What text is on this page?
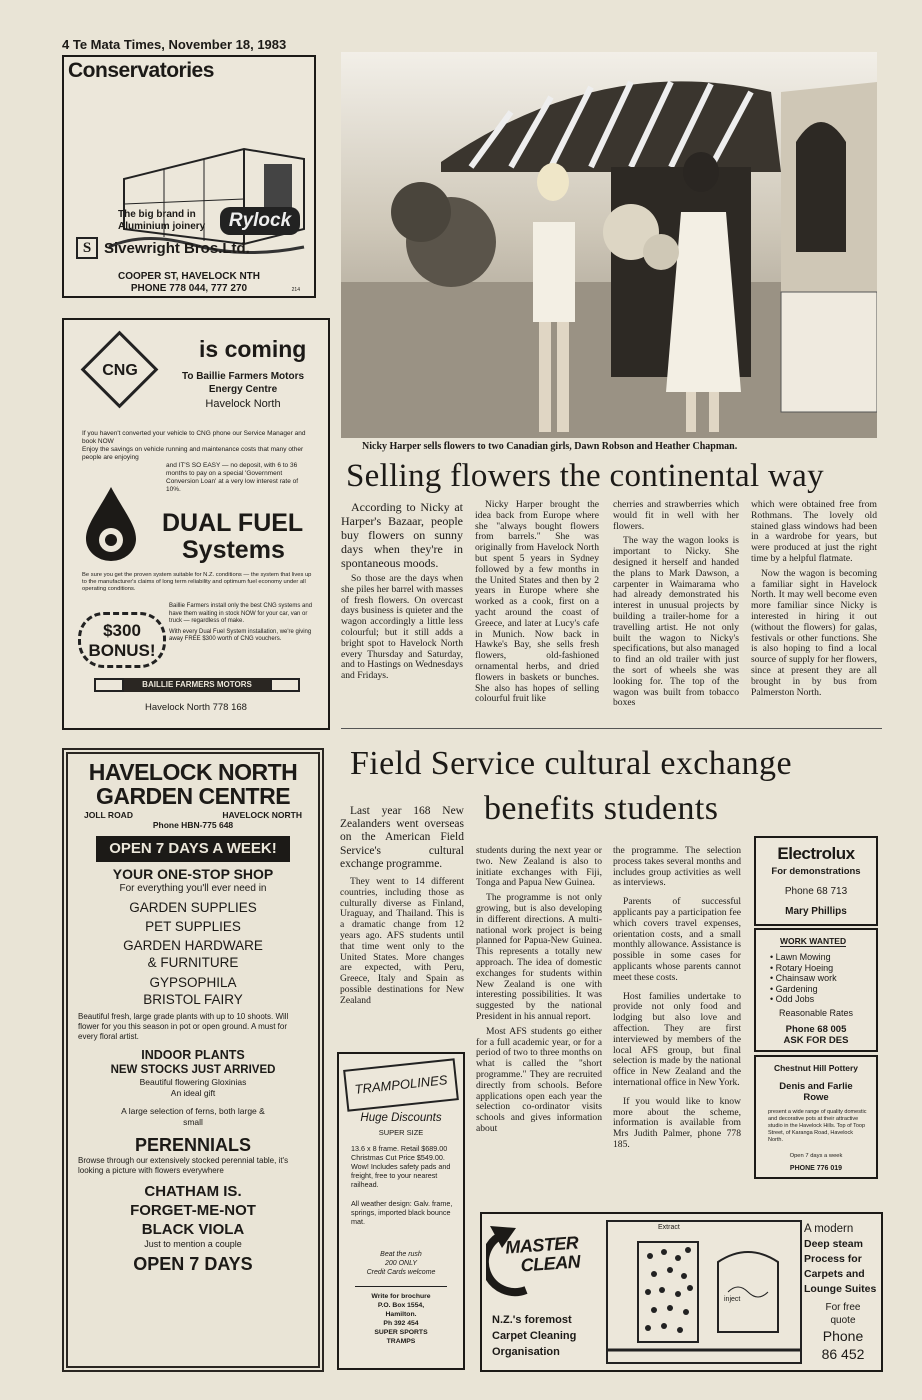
4 Te Mata Times, November 18, 1983
Conservatories
The big brand in
Aluminium joinery	Rylock
S Sivewright Bros.Ltd.
COOPER ST, HAVELOCK NTH
PHONE 778 044, 777 270	214
CNG
is coming
To Baillie Farmers Motors
Energy Centre
Havelock North
If you haven't converted your vehicle to CNG phone our Service Manager and book NOW
Enjoy the savings on vehicle running and maintenance costs that many other people are enjoying
and IT'S SO EASY — no deposit, with 6 to 36 months to pay on a special 'Government Conversion Loan' at a very low interest rate of 10%.
DUAL FUEL
Systems
Be sure you get the proven system suitable for N.Z. conditions — the system that lives up to the manufacturer's claims of long term reliability and optimum fuel economy under all operating conditions.
Baillie Farmers install only the best CNG systems and have them waiting in stock NOW for your car, van or truck — regardless of make.
With every Dual Fuel System installation, we're giving away FREE $300 worth of CNG vouchers.
$300
BONUS!
BAILLIE FARMERS MOTORS
Havelock North 778 168
Nicky Harper sells flowers to two Canadian girls, Dawn Robson and Heather Chapman.
Selling flowers the continental way

According to Nicky at Harper's Bazaar, people buy flowers on sunny days when they're in spontaneous moods.

So those are the days when she piles her barrel with masses of fresh flowers. On overcast days business is quieter and the wagon accordingly a little less colourful; but it still adds a bright spot to Havelock North every Thursday and Saturday, and to Hastings on Wednesdays and Fridays.

Nicky Harper brought the idea back from Europe where she "always bought flowers from barrels." She was originally from Havelock North but spent 5 years in Sydney followed by a few months in the United States and then by 2 years in Europe where she worked as a cook, first on a yacht around the coast of Greece, and later at Lucy's cafe in Munich. Now back in Hawke's Bay, she sells fresh flowers, old-fashioned ornamental herbs, and dried flowers in baskets or bunches. She also has hopes of selling colourful fruit like

cherries and strawberries which would fit in well with her flowers.

The way the wagon looks is important to Nicky. She designed it herself and handed the plans to Mark Dawson, a carpenter in Waimarama who had already demonstrated his interest in unusual projects by building a trailer-home for a travelling artist. He not only built the wagon to Nicky's specifications, but also managed to find an old trailer with just the sort of wheels she was looking for. The top of the wagon was built from tobacco boxes

which were obtained free from Rothmans. The lovely old stained glass windows had been in a wardrobe for years, but were produced at just the right time by a helpful flatmate.

Now the wagon is becoming a familiar sight in Havelock North. It may well become even more familiar since Nicky is interested in hiring it out (without the flowers) for galas, festivals or other functions. She is also hoping to find a local source of supply for her flowers, since at present they are all brought in by bus from Palmerston North.

HAVELOCK NORTH
GARDEN CENTRE
JOLL ROAD	HAVELOCK NORTH
Phone HBN-775 648
OPEN 7 DAYS A WEEK!
YOUR ONE-STOP SHOP
For everything you'll ever need in
GARDEN SUPPLIES
PET SUPPLIES
GARDEN HARDWARE
& FURNITURE
GYPSOPHILA
BRISTOL FAIRY
Beautiful fresh, large grade plants with up to 10 shoots. Will flower for you this season in pot or open ground. A must for every floral artist.
INDOOR PLANTS
NEW STOCKS JUST ARRIVED
Beautiful flowering Gloxinias
An ideal gift
A large selection of ferns, both large & small
PERENNIALS
Browse through our extensively stocked perennial table, it's looking a picture with flowers everywhere
CHATHAM IS.
FORGET-ME-NOT
BLACK VIOLA
Just to mention a couple
OPEN 7 DAYS
Field Service cultural exchange
benefits students

Last year 168 New Zealanders went overseas on the American Field Service's cultural exchange programme.

They went to 14 different countries, including those as culturally diverse as Finland, Uraguay, and Thailand. This is a dramatic change from 12 years ago. AFS students until that time went only to the United States. More changes are expected, with Peru, Greece, Italy and Spain as possible destinations for New Zealand

students during the next year or two. New Zealand is also to initiate exchanges with Fiji, Tonga and Papua New Guinea.

The programme is not only growing, but is also developing in different directions. A multi-national work project is being planned for Papua-New Guinea. This represents a totally new approach. The idea of domestic exchanges for students within New Zealand is one with interesting possibilities. It was suggested by the national President in his annual report.

Most AFS students go either for a full academic year, or for a period of two to three months on what is called the "short programme." They are recruited directly from schools. Before applications open each year the selection co-ordinator visits schools and gives information about

the programme. The selection process takes several months and includes group activities as well as interviews.

Parents of successful applicants pay a participation fee which covers travel expenses, orientation costs, and a small monthly allowance. Assistance is possible in some cases for applicants whose parents cannot meet these costs.

Host families undertake to provide not only food and lodging but also love and affection. They are first interviewed by members of the local AFS group, but final selection is made by the national office in New Zealand and the international office in New York.

If you would like to know more about the scheme, information is available from Mrs Judith Palmer, phone 778 185.

TRAMPOLINES
Huge Discounts
SUPER SIZE
13.6 x 8 frame. Retail $689.00 Christmas Cut Price $549.00. Wow! Includes safety pads and freight, free to your nearest railhead.
All weather design: Galv. frame, springs, imported black bounce mat.
Beat the rush
200 ONLY
Credit Cards welcome
Write for brochure
P.O. Box 1554,
Hamilton.
Ph 392 454
SUPER SPORTS
TRAMPS
Electrolux
For demonstrations
Phone 68 713
Mary Phillips
WORK WANTED
• Lawn Mowing
• Rotary Hoeing
• Chainsaw work
• Gardening
• Odd Jobs
Reasonable Rates
Phone 68 005
ASK FOR DES
Chestnut Hill Pottery
Denis and Farlie
Rowe
present a wide range of quality domestic and decorative pots at their attractive studio in the Havelock Hills. Top of Toop Street, of Karanga Road, Havelock North.
Open 7 days a week
PHONE 776 019
MASTER
CLEAN
N.Z.'s foremost
Carpet Cleaning
Organisation
Extract
inject
A modern
Deep steam
Process for
Carpets and
Lounge Suites
For free
quote
Phone
86 452
